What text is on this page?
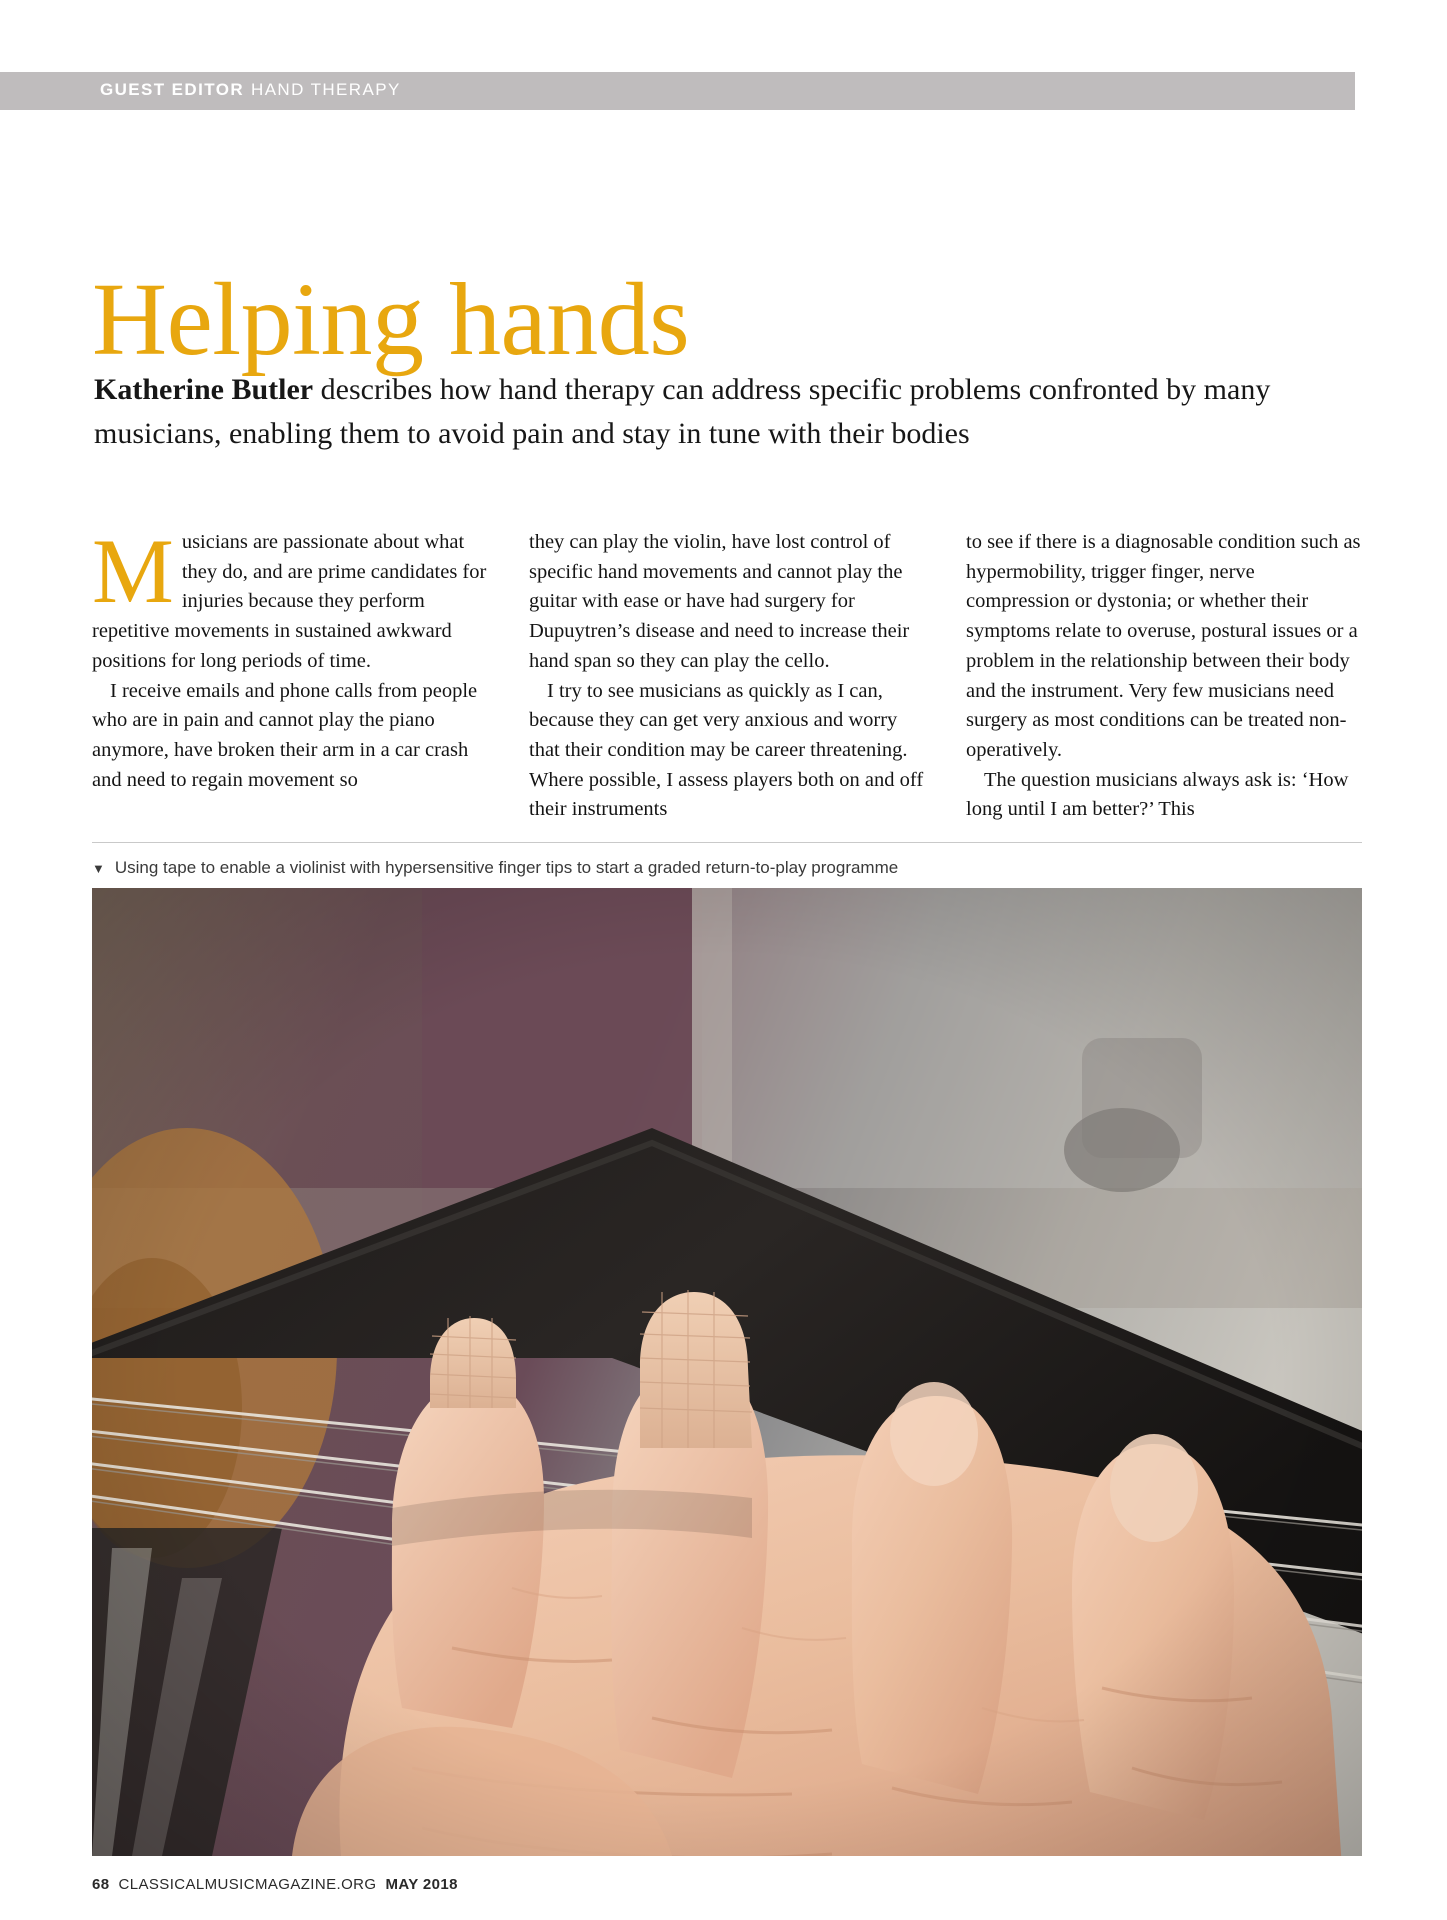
GUEST EDITOR HAND THERAPY
Helping hands
Katherine Butler describes how hand therapy can address specific problems confronted by many musicians, enabling them to avoid pain and stay in tune with their bodies

Musicians are passionate about what they do, and are prime candidates for injuries because they perform repetitive movements in sustained awkward positions for long periods of time.

I receive emails and phone calls from people who are in pain and cannot play the piano anymore, have broken their arm in a car crash and need to regain movement so

they can play the violin, have lost control of specific hand movements and cannot play the guitar with ease or have had surgery for Dupuytren’s disease and need to increase their hand span so they can play the cello.

I try to see musicians as quickly as I can, because they can get very anxious and worry that their condition may be career threatening. Where possible, I assess players both on and off their instruments

to see if there is a diagnosable condition such as hypermobility, trigger finger, nerve compression or dystonia; or whether their symptoms relate to overuse, postural issues or a problem in the relationship between their body and the instrument. Very few musicians need surgery as most conditions can be treated non-operatively.

The question musicians always ask is: ‘How long until I am better?’ This

▼ Using tape to enable a violinist with hypersensitive finger tips to start a graded return-to-play programme
68 CLASSICALMUSICMAGAZINE.ORG MAY 2018
